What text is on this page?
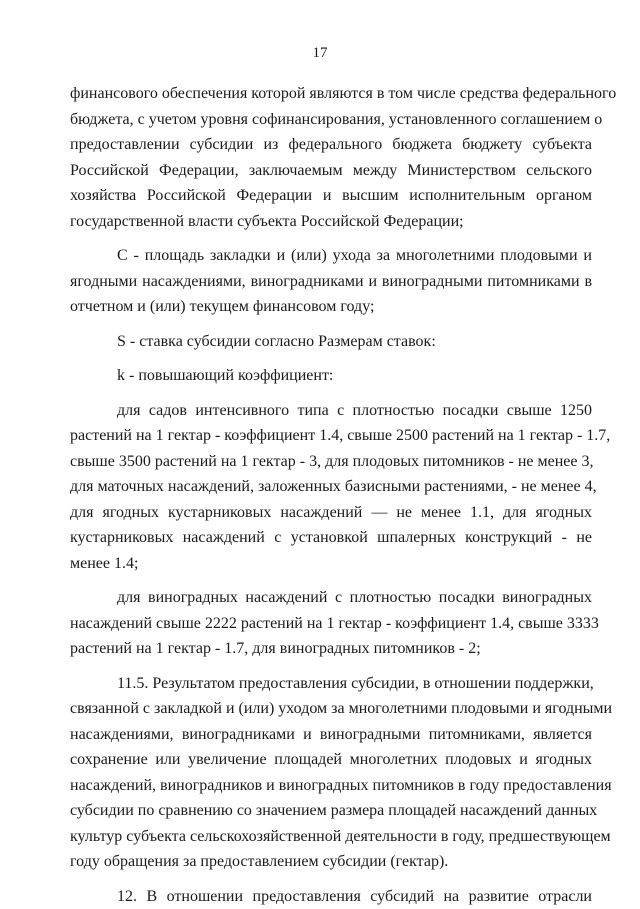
17
финансового обеспечения которой являются в том числе средства федерального
бюджета, с учетом уровня софинансирования, установленного соглашением о
предоставлении субсидии из федерального бюджета бюджету субъекта
Российской Федерации, заключаемым между Министерством сельского
хозяйства Российской Федерации и высшим исполнительным органом
государственной власти субъекта Российской Федерации;
C - площадь закладки и (или) ухода за многолетними плодовыми и
ягодными насаждениями, виноградниками и виноградными питомниками в
отчетном и (или) текущем финансовом году;
S - ставка субсидии согласно Размерам ставок:
k - повышающий коэффициент:
для садов интенсивного типа с плотностью посадки свыше 1250
растений на 1 гектар - коэффициент 1.4, свыше 2500 растений на 1 гектар - 1.7,
свыше 3500 растений на 1 гектар - 3, для плодовых питомников - не менее 3,
для маточных насаждений, заложенных базисными растениями, - не менее 4,
для ягодных кустарниковых насаждений — не менее 1.1, для ягодных
кустарниковых насаждений с установкой шпалерных конструкций - не
менее 1.4;
для виноградных насаждений с плотностью посадки виноградных
насаждений свыше 2222 растений на 1 гектар - коэффициент 1.4, свыше 3333
растений на 1 гектар - 1.7, для виноградных питомников - 2;
11.5. Результатом предоставления субсидии, в отношении поддержки,
связанной с закладкой и (или) уходом за многолетними плодовыми и ягодными
насаждениями, виноградниками и виноградными питомниками, является
сохранение или увеличение площадей многолетних плодовых и ягодных
насаждений, виноградников и виноградных питомников в году предоставления
субсидии по сравнению со значением размера площадей насаждений данных
культур субъекта сельскохозяйственной деятельности в году, предшествующем
году обращения за предоставлением субсидии (гектар).
12. В отношении предоставления субсидий на развитие отрасли
